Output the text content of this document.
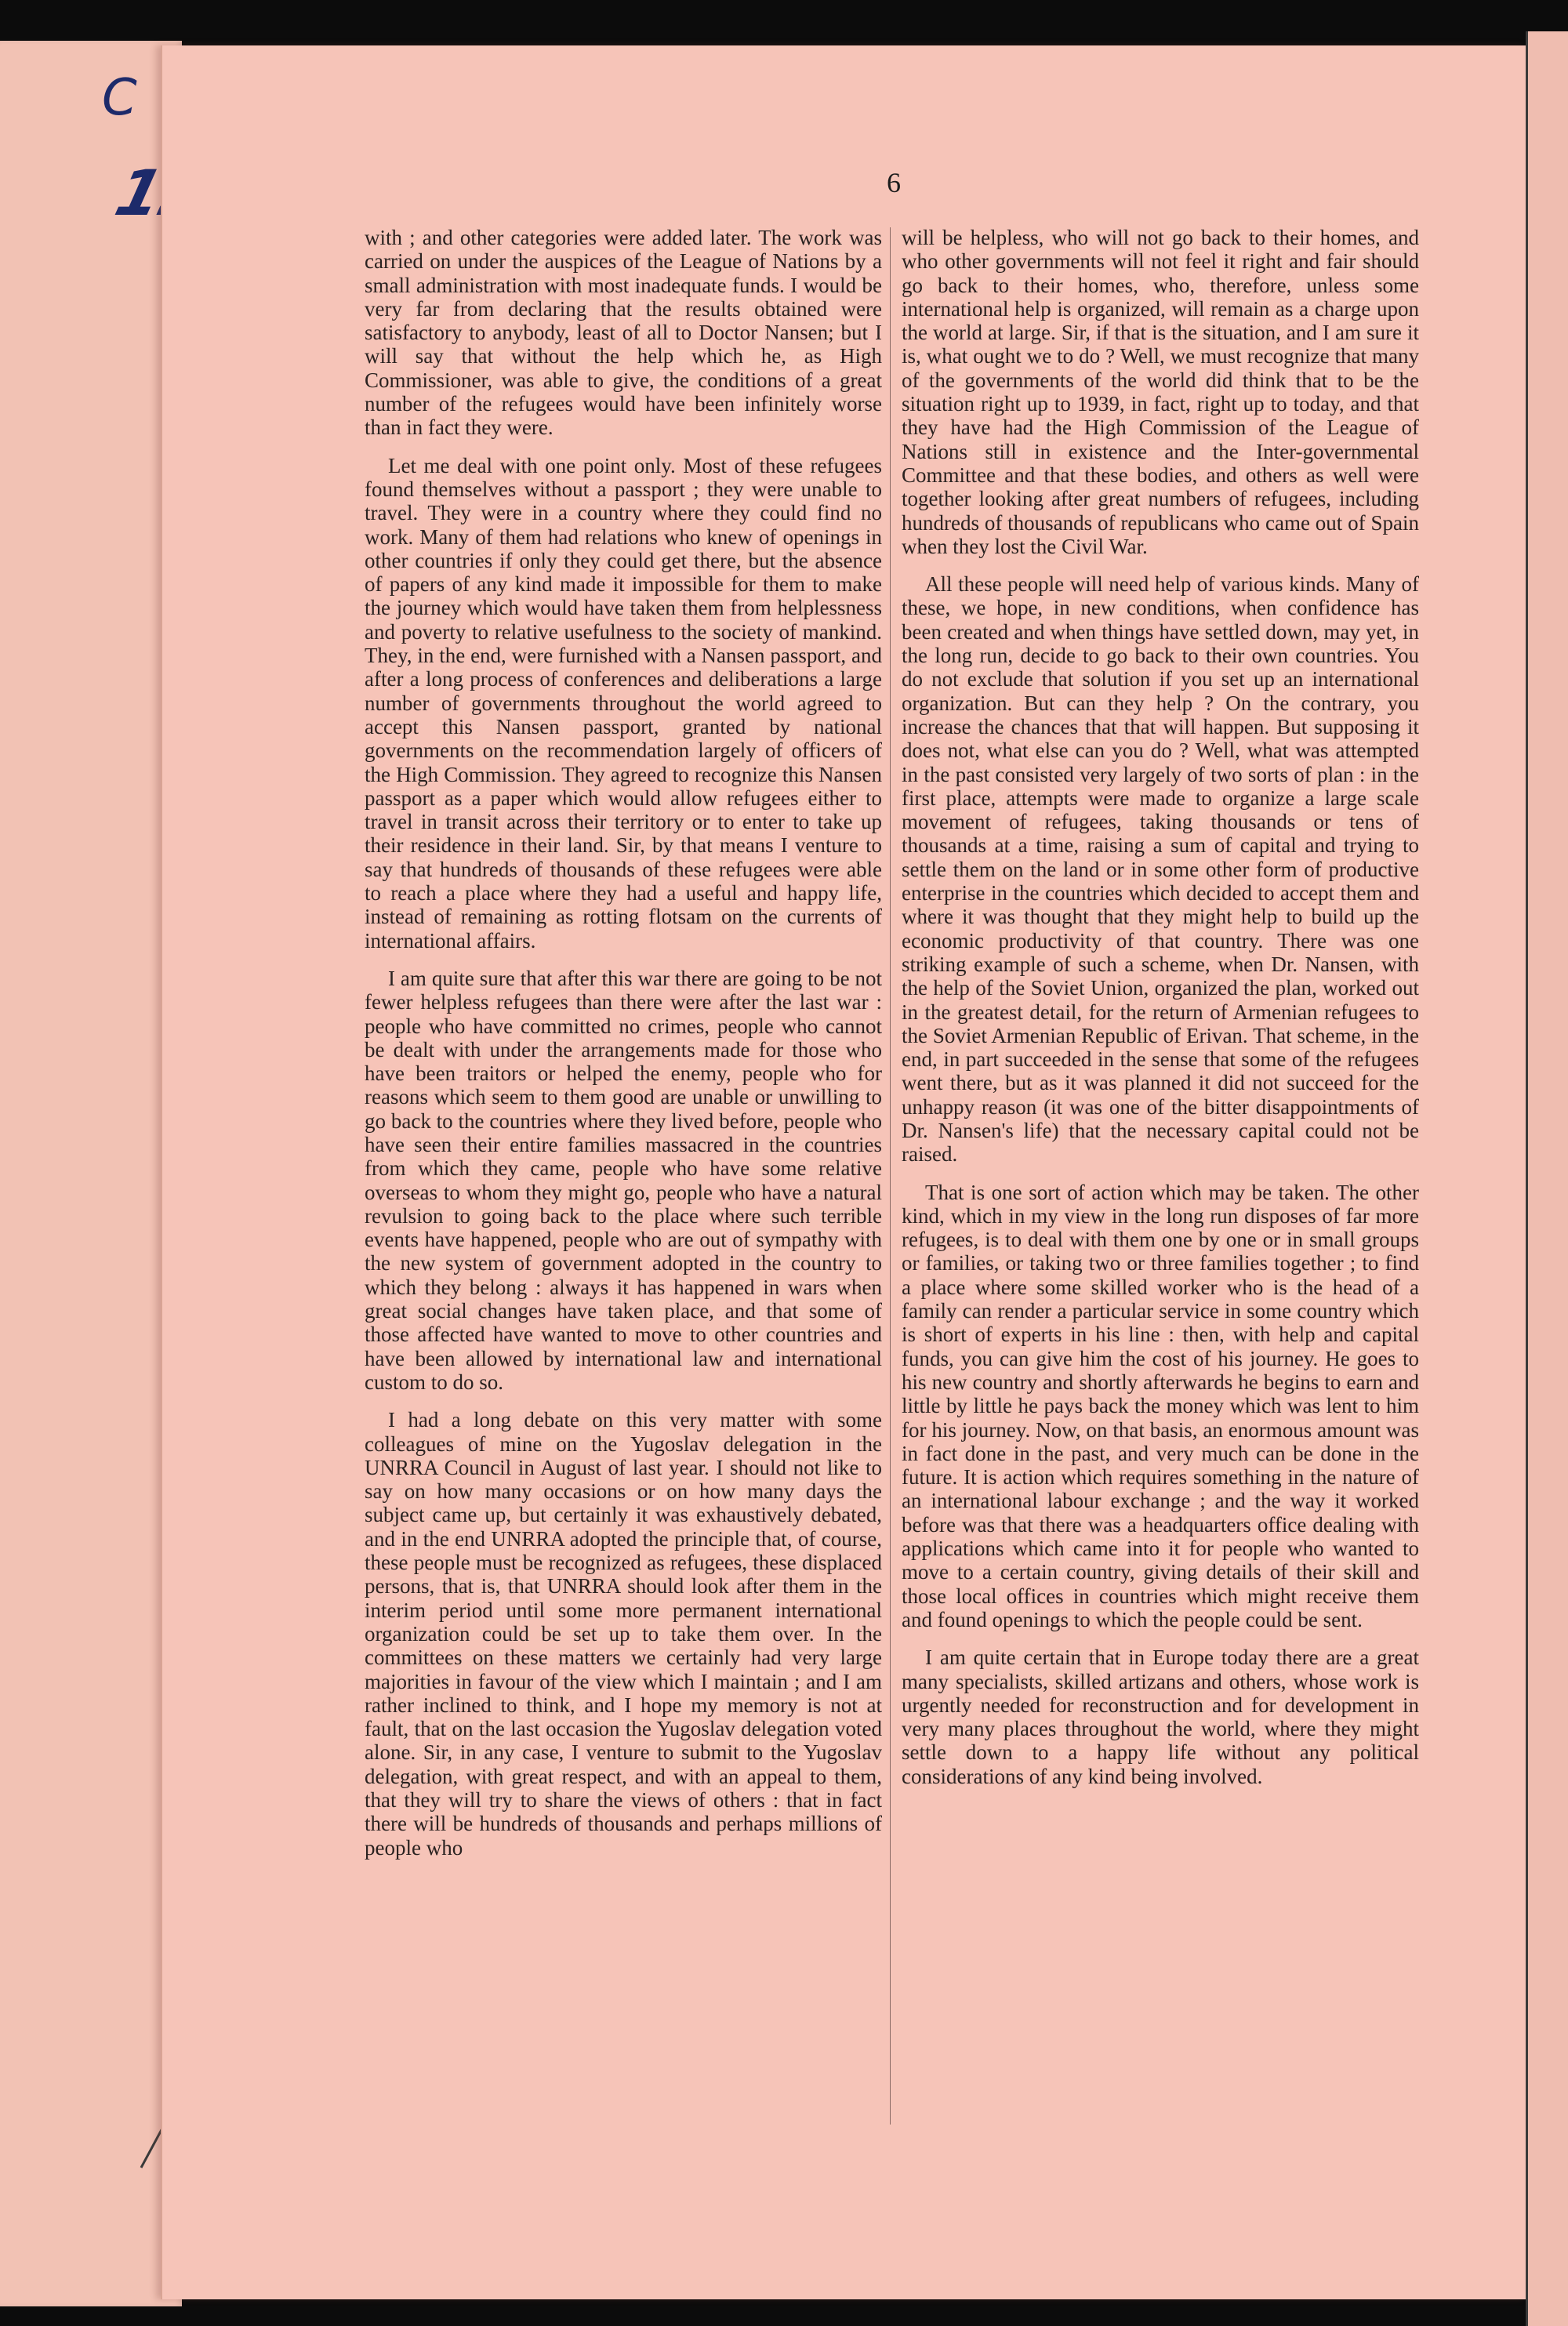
C
6

with ; and other categories were added later. The work was carried on under the auspices of the League of Nations by a small administration with most inadequate funds. I would be very far from declaring that the results obtained were satisfactory to anybody, least of all to Doctor Nansen; but I will say that without the help which he, as High Commissioner, was able to give, the conditions of a great number of the refugees would have been infinitely worse than in fact they were.

Let me deal with one point only. Most of these refugees found themselves without a passport ; they were unable to travel. They were in a country where they could find no work. Many of them had relations who knew of openings in other countries if only they could get there, but the absence of papers of any kind made it impossible for them to make the journey which would have taken them from helplessness and poverty to relative usefulness to the society of mankind. They, in the end, were furnished with a Nansen passport, and after a long process of conferences and deliberations a large number of governments throughout the world agreed to accept this Nansen passport, granted by national governments on the recommendation largely of officers of the High Commission. They agreed to recognize this Nansen passport as a paper which would allow refugees either to travel in transit across their territory or to enter to take up their residence in their land. Sir, by that means I venture to say that hundreds of thousands of these refugees were able to reach a place where they had a useful and happy life, instead of remaining as rotting flotsam on the currents of international affairs.

I am quite sure that after this war there are going to be not fewer helpless refugees than there were after the last war : people who have committed no crimes, people who cannot be dealt with under the arrangements made for those who have been traitors or helped the enemy, people who for reasons which seem to them good are unable or unwilling to go back to the countries where they lived before, people who have seen their entire families massacred in the countries from which they came, people who have some relative overseas to whom they might go, people who have a natural revulsion to going back to the place where such terrible events have happened, people who are out of sympathy with the new system of government adopted in the country to which they belong : always it has happened in wars when great social changes have taken place, and that some of those affected have wanted to move to other countries and have been allowed by international law and international custom to do so.

I had a long debate on this very matter with some colleagues of mine on the Yugoslav delegation in the UNRRA Council in August of last year. I should not like to say on how many occasions or on how many days the subject came up, but certainly it was exhaustively debated, and in the end UNRRA adopted the principle that, of course, these people must be recognized as refugees, these displaced persons, that is, that UNRRA should look after them in the interim period until some more permanent international organization could be set up to take them over. In the committees on these matters we certainly had very large majorities in favour of the view which I maintain ; and I am rather inclined to think, and I hope my memory is not at fault, that on the last occasion the Yugoslav delegation voted alone. Sir, in any case, I venture to submit to the Yugoslav delegation, with great respect, and with an appeal to them, that they will try to share the views of others : that in fact there will be hundreds of thousands and perhaps millions of people who

will be helpless, who will not go back to their homes, and who other governments will not feel it right and fair should go back to their homes, who, therefore, unless some international help is organized, will remain as a charge upon the world at large. Sir, if that is the situation, and I am sure it is, what ought we to do ? Well, we must recognize that many of the governments of the world did think that to be the situation right up to 1939, in fact, right up to today, and that they have had the High Commission of the League of Nations still in existence and the Inter-governmental Committee and that these bodies, and others as well were together looking after great numbers of refugees, including hundreds of thousands of republicans who came out of Spain when they lost the Civil War.

All these people will need help of various kinds. Many of these, we hope, in new conditions, when confidence has been created and when things have settled down, may yet, in the long run, decide to go back to their own countries. You do not exclude that solution if you set up an international organization. But can they help ? On the contrary, you increase the chances that that will happen. But supposing it does not, what else can you do ? Well, what was attempted in the past consisted very largely of two sorts of plan : in the first place, attempts were made to organize a large scale movement of refugees, taking thousands or tens of thousands at a time, raising a sum of capital and trying to settle them on the land or in some other form of productive enterprise in the countries which decided to accept them and where it was thought that they might help to build up the economic productivity of that country. There was one striking example of such a scheme, when Dr. Nansen, with the help of the Soviet Union, organized the plan, worked out in the greatest detail, for the return of Armenian refugees to the Soviet Armenian Republic of Erivan. That scheme, in the end, in part succeeded in the sense that some of the refugees went there, but as it was planned it did not succeed for the unhappy reason (it was one of the bitter disappointments of Dr. Nansen's life) that the necessary capital could not be raised.

That is one sort of action which may be taken. The other kind, which in my view in the long run disposes of far more refugees, is to deal with them one by one or in small groups or families, or taking two or three families together ; to find a place where some skilled worker who is the head of a family can render a particular service in some country which is short of experts in his line : then, with help and capital funds, you can give him the cost of his journey. He goes to his new country and shortly afterwards he begins to earn and little by little he pays back the money which was lent to him for his journey. Now, on that basis, an enormous amount was in fact done in the past, and very much can be done in the future. It is action which requires something in the nature of an international labour exchange ; and the way it worked before was that there was a headquarters office dealing with applications which came into it for people who wanted to move to a certain country, giving details of their skill and those local offices in countries which might receive them and found openings to which the people could be sent.

I am quite certain that in Europe today there are a great many specialists, skilled artizans and others, whose work is urgently needed for reconstruction and for development in very many places throughout the world, where they might settle down to a happy life without any political considerations of any kind being involved.
